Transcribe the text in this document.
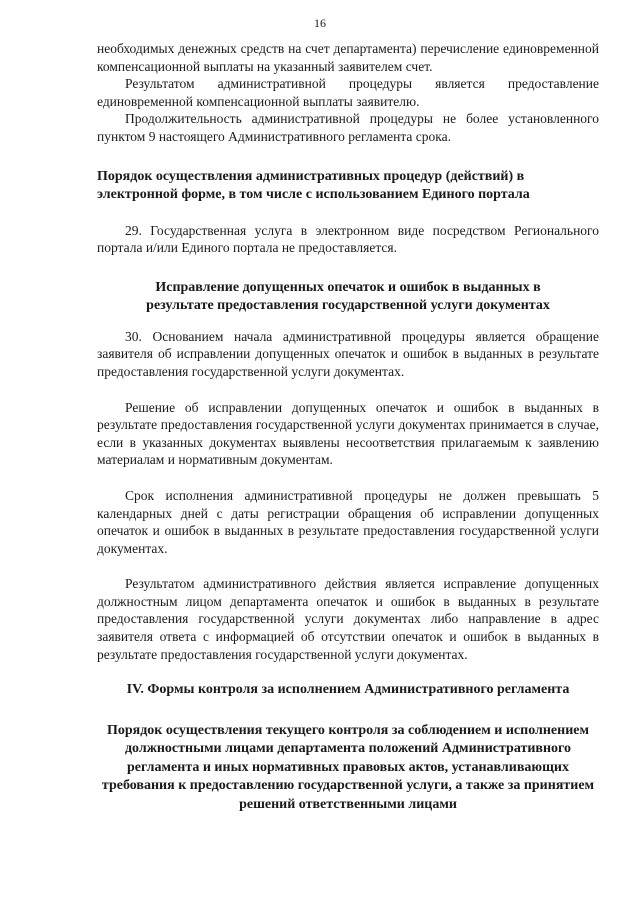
16

необходимых денежных средств на счет департамента) перечисление единовременной компенсационной выплаты на указанный заявителем счет.

Результатом административной процедуры является предоставление единовременной компенсационной выплаты заявителю.

Продолжительность административной процедуры не более установленного пунктом 9 настоящего Административного регламента срока.

Порядок осуществления административных процедур (действий) в электронной форме, в том числе с использованием Единого портала

29. Государственная услуга в электронном виде посредством Регионального портала и/или Единого портала не предоставляется.

Исправление допущенных опечаток и ошибок в выданных в результате предоставления государственной услуги документах

30. Основанием начала административной процедуры является обращение заявителя об исправлении допущенных опечаток и ошибок в выданных в результате предоставления государственной услуги документах.

Решение об исправлении допущенных опечаток и ошибок в выданных в результате предоставления государственной услуги документах принимается в случае, если в указанных документах выявлены несоответствия прилагаемым к заявлению материалам и нормативным документам.

Срок исполнения административной процедуры не должен превышать 5 календарных дней с даты регистрации обращения об исправлении допущенных опечаток и ошибок в выданных в результате предоставления государственной услуги документах.

Результатом административного действия является исправление допущенных должностным лицом департамента опечаток и ошибок в выданных в результате предоставления государственной услуги документах либо направление в адрес заявителя ответа с информацией об отсутствии опечаток и ошибок в выданных в результате предоставления государственной услуги документах.

IV. Формы контроля за исполнением Административного регламента

Порядок осуществления текущего контроля за соблюдением и исполнением должностными лицами департамента положений Административного регламента и иных нормативных правовых актов, устанавливающих требования к предоставлению государственной услуги, а также за принятием решений ответственными лицами
